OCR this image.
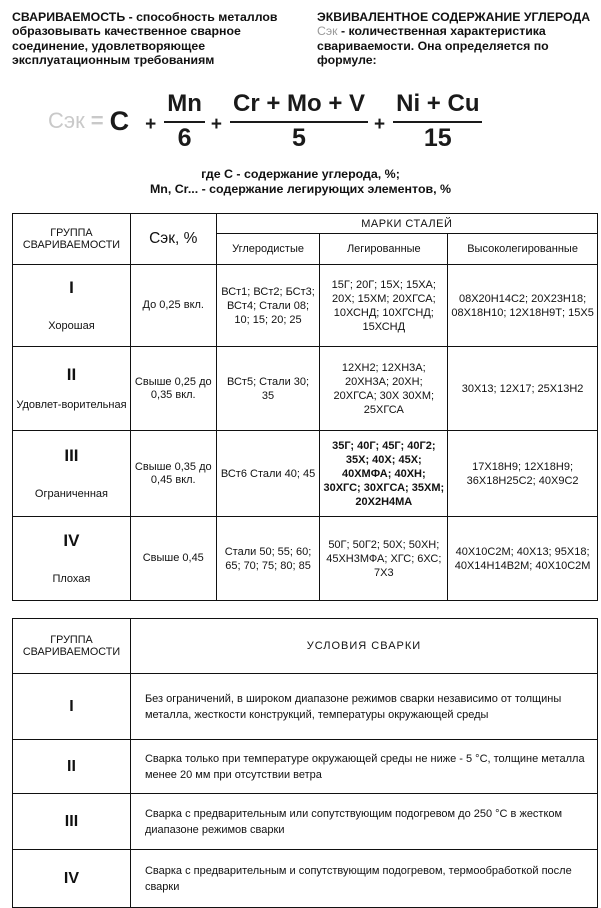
СВАРИВАЕМОСТЬ - способность металлов образовывать качественное сварное соединение, удовлетворяющее эксплуатационным требованиям
ЭКВИВАЛЕНТНОЕ СОДЕРЖАНИЕ УГЛЕРОДА Сэк - количественная характеристика свариваемости. Она определяется по формуле:
Сэк = $С + \frac{Mn}{6} + \frac{Cr + Mo + V}{5} + \frac{Ni + Cu}{15}$
где С - содержание углерода, %;
Mn, Cr... - содержание легирующих элементов, %
ГРУППА СВАРИВАЕМОСТИ	Сэк, %	МАРКИ СТАЛЕЙ		
		Углеродистые	Легированные	Высоколегированные

I
Хорошая	До 0,25 вкл.	ВСт1; ВСт2; БСт3; ВСт4; Стали 08; 10; 15; 20; 25	15Г; 20Г; 15Х; 15ХА; 20Х; 15ХМ; 20ХГСА; 10ХСНД; 10ХГСНД; 15ХСНД	08Х20Н14С2; 20Х23Н18; 08Х18Н10; 12Х18Н9Т; 15Х5

II
Удовлет-ворительная	Свыше 0,25 до 0,35 вкл.	ВСт5; Стали 30; 35	12ХН2; 12ХН3А; 20ХН3А; 20ХН; 20ХГСА; 30Х 30ХМ; 25ХГСА	30Х13; 12Х17; 25Х13Н2

III
Ограниченная	Свыше 0,35 до 0,45 вкл.	ВСт6 Стали 40; 45	35Г; 40Г; 45Г; 40Г2; 35Х; 40Х; 45Х; 40ХМФА; 40ХН; 30ХГС; 30ХГСА; 35ХМ; 20Х2Н4МА	17Х18Н9; 12Х18Н9; 36Х18Н25С2; 40Х9С2

IV
Плохая	Свыше 0,45	Стали 50; 55; 60; 65; 70; 75; 80; 85	50Г; 50Г2; 50Х; 50ХН; 45ХН3МФА; ХГС; 6ХС; 7Х3	40Х10С2М; 40Х13; 95Х18; 40Х14Н14В2М; 40Х10С2М
ГРУППА СВАРИВАЕМОСТИ	УСЛОВИЯ СВАРКИ
I	Без ограничений, в широком диапазоне режимов сварки независимо от толщины металла, жесткости конструкций, температуры окружающей среды
II	Сварка только при температуре окружающей среды не ниже - 5 °С, толщине металла менее 20 мм при отсутствии ветра
III	Сварка с предварительным или сопутствующим подогревом до 250 °С в жестком диапазоне режимов сварки
IV	Сварка с предварительным и сопутствующим подогревом, термообработкой после сварки
